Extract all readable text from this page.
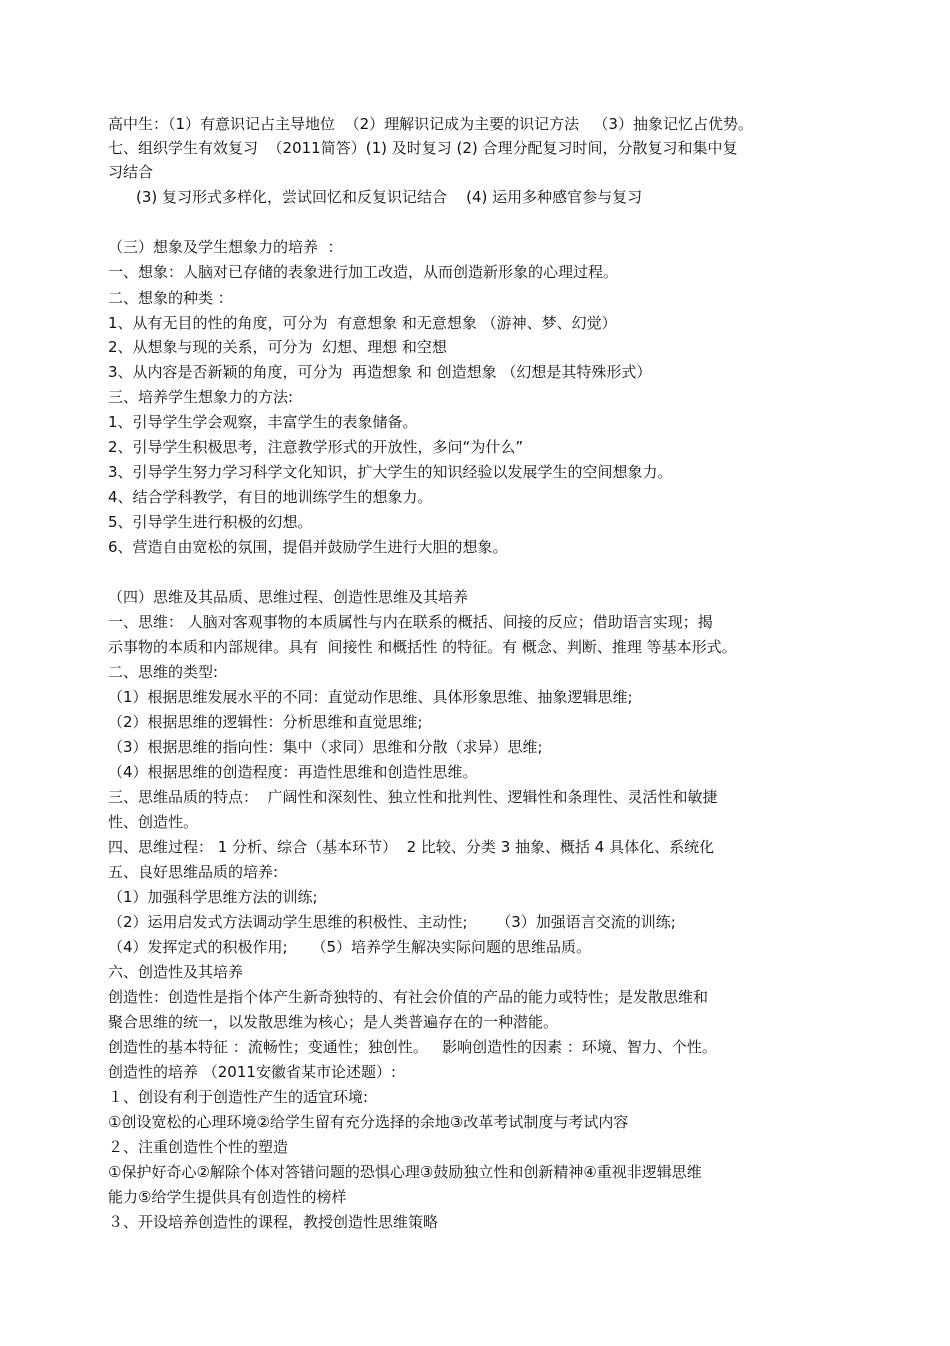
高中生：（1）有意识记占主导地位  （2）理解识记成为主要的识记方法   （3）抽象记忆占优势。
七、组织学生有效复习  （2011简答）(1) 及时复习 (2) 合理分配复习时间，分散复习和集中复
习结合
(3) 复习形式多样化，尝试回忆和反复识记结合    (4) 运用多种感官参与复习
（三）想象及学生想象力的培养  ：
一、想象：人脑对已存储的表象进行加工改造，从而创造新形象的心理过程。
二、想象的种类 ：
1、从有无目的性的角度，可分为  有意想象 和无意想象 （游神、梦、幻觉）
2、从想象与现的关系，可分为  幻想、理想 和空想
3、从内容是否新颖的角度，可分为  再造想象 和 创造想象 （幻想是其特殊形式）
三、培养学生想象力的方法:
1、引导学生学会观察，丰富学生的表象储备。
2、引导学生积极思考，注意教学形式的开放性，多问“为什么”
3、引导学生努力学习科学文化知识，扩大学生的知识经验以发展学生的空间想象力。
4、结合学科教学，有目的地训练学生的想象力。
5、引导学生进行积极的幻想。
6、营造自由宽松的氛围，提倡并鼓励学生进行大胆的想象。
（四）思维及其品质、思维过程、创造性思维及其培养
一、思维： 人脑对客观事物的本质属性与内在联系的概括、间接的反应；借助语言实现；揭
示事物的本质和内部规律。具有  间接性 和概括性 的特征。有 概念、判断、推理 等基本形式。
二、思维的类型:
（1）根据思维发展水平的不同：直觉动作思维、具体形象思维、抽象逻辑思维;
（2）根据思维的逻辑性：分析思维和直觉思维;
（3）根据思维的指向性：集中（求同）思维和分散（求异）思维;
（4）根据思维的创造程度：再造性思维和创造性思维。
三、思维品质的特点：  广阔性和深刻性、独立性和批判性、逻辑性和条理性、灵活性和敏捷
性、创造性。
四、思维过程： 1 分析、综合（基本环节）  2 比较、分类 3 抽象、概括 4 具体化、系统化
五、良好思维品质的培养:
（1）加强科学思维方法的训练;
（2）运用启发式方法调动学生思维的积极性、主动性;      （3）加强语言交流的训练;
（4）发挥定式的积极作用;     （5）培养学生解决实际问题的思维品质。
六、创造性及其培养
创造性：创造性是指个体产生新奇独特的、有社会价值的产品的能力或特性；是发散思维和
聚合思维的统一，以发散思维为核心；是人类普遍存在的一种潜能。
创造性的基本特征 ：流畅性；变通性；独创性。   影响创造性的因素 ：环境、智力、个性。
创造性的培养 （2011安徽省某市论述题）:
１、创设有利于创造性产生的适宜环境:
①创设宽松的心理环境②给学生留有充分选择的余地③改革考试制度与考试内容
２、注重创造性个性的塑造
①保护好奇心②解除个体对答错问题的恐惧心理③鼓励独立性和创新精神④重视非逻辑思维
能力⑤给学生提供具有创造性的榜样
３、开设培养创造性的课程，教授创造性思维策略
